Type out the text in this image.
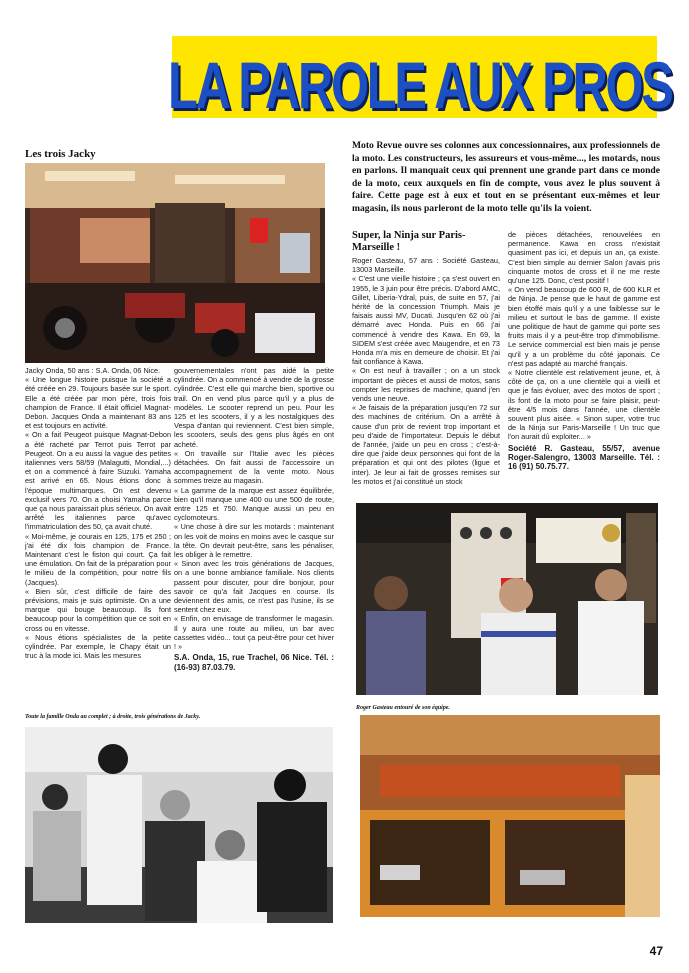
LA PAROLE AUX PROS
Les trois Jacky

Jacky Onda, 50 ans : S.A. Onda, 06 Nice.
« Une longue histoire puisque la société a été créée en 29. Toujours basée sur le sport. Elle a été créée par mon père, trois fois champion de France. Il était officiel Magnat-Debon. Jacques Onda a maintenant 83 ans et est toujours en activité.
« On a fait Peugeot puisque Magnat-Debon a été racheté par Terrot puis Terrot par Peugeot. On a eu aussi la vague des petites italiennes vers 58/59 (Malagutti, Mondial,...) et on a commencé à faire Suzuki. Yamaha est arrivé en 65. Nous étions donc à l'époque multimarques. On est devenu exclusif vers 70. On a choisi Yamaha parce que ça nous paraissait plus sérieux. On avait arrêté les italiennes parce qu'avec l'immatriculation des 50, ça avait chuté.
« Moi-même, je courais en 125, 175 et 250 ; j'ai été dix fois champion de France. Maintenant c'est le fiston qui court. Ça fait une émulation. On fait de la préparation pour le milieu de la compétition, pour notre fils (Jacques).
« Bien sûr, c'est difficile de faire des prévisions, mais je suis optimiste. On a une marque qui bouge beaucoup. Ils font beaucoup pour la compétition que ce soit en cross ou en vitesse.
« Nous étions spécialistes de la petite cylindrée. Par exemple, le Chapy était un truc à la mode ici. Mais les mesures

gouvernementales n'ont pas aidé la petite cylindrée. On a commencé à vendre de la grosse cylindrée. C'est elle qui marche bien, sportive ou trail. On en vend plus parce qu'il y a plus de modèles. Le scooter reprend un peu. Pour les 125 et les scooters, il y a les nostalgiques des Vespa d'antan qui reviennent. C'est bien simple, les scooters, seuls des gens plus âgés en ont acheté.
« On travaille sur l'Italie avec les pièces détachées. On fait aussi de l'accessoire un accompagnement de la vente moto. Nous sommes treize au magasin.
« La gamme de la marque est assez équilibrée, bien qu'il manque une 400 ou une 500 de route, entre 125 et 750. Manque aussi un peu en cyclomoteurs.
« Une chose à dire sur les motards : maintenant on les voit de moins en moins avec le casque sur la tête. On devrait peut-être, sans les pénaliser, les obliger à le remettre.
« Sinon avec les trois générations de Jacques, on a une bonne ambiance familiale. Nos clients passent pour discuter, pour dire bonjour, pour savoir ce qu'a fait Jacques en course. Ils deviennent des amis, ce n'est pas l'usine, ils se sentent chez eux.
« Enfin, on envisage de transformer le magasin. Il y aura une route au milieu, un bar avec cassettes vidéo... tout ça peut-être pour cet hiver ! »

S.A. Onda, 15, rue Trachel, 06 Nice. Tél. : (16-93) 87.03.79.

Toute la famille Onda au complet ; à droite, trois générations de Jacky.
Moto Revue ouvre ses colonnes aux concessionnaires, aux professionnels de la moto. Les constructeurs, les assureurs et vous-même..., les motards, nous en parlons. Il manquait ceux qui prennent une grande part dans ce monde de la moto, ceux auxquels en fin de compte, vous avez le plus souvent à faire. Cette page est à eux et tout en se présentant eux-mêmes et leur magasin, ils nous parleront de la moto telle qu'ils la voient.
Super, la Ninja sur Paris-Marseille !

Roger Gasteau, 57 ans : Société Gasteau, 13003 Marseille.
« C'est une vieille histoire ; ça s'est ouvert en 1955, le 3 juin pour être précis. D'abord AMC, Gillet, Liberia-Ydral, puis, de suite en 57, j'ai hérité de la concession Triumph. Mais je faisais aussi MV, Ducati. Jusqu'en 62 où j'ai démarré avec Honda. Puis en 66 j'ai commencé à vendre des Kawa. En 69, la SIDEM s'est créée avec Maugendre, et en 73 Honda m'a mis en demeure de choisir. Et j'ai fait confiance à Kawa.
« On est neuf à travailler ; on a un stock important de pièces et aussi de motos, sans compter les reprises de machine, quand j'en vends une neuve.
« Je faisais de la préparation jusqu'en 72 sur des machines de critérium. On a arrêté à cause d'un prix de revient trop important et peu d'aide de l'importateur. Depuis le début de l'année, j'aide un peu en cross ; c'est-à-dire que j'aide deux personnes qui font de la préparation et qui ont des pilotes (ligue et inter). Je leur ai fait de grosses remises sur les motos et j'ai constitué un stock

de pièces détachées, renouvelées en permanence. Kawa en cross n'existait quasiment pas ici, et depuis un an, ça existe. C'est bien simple au dernier Salon j'avais pris cinquante motos de cross et il ne me reste qu'une 125. Donc, c'est positif !
« On vend beaucoup de 600 R, de 600 KLR et de Ninja. Je pense que le haut de gamme est bien étoffé mais qu'il y a une faiblesse sur le milieu et surtout le bas de gamme. Il existe une politique de haut de gamme qui porte ses fruits mais il y a peut-être trop d'immobilisme. Le service commercial est bien mais je pense qu'il y a un problème du côté japonais. Ce n'est pas adapté au marché français.
« Notre clientèle est relativement jeune, et, à côté de ça, on a une clientèle qui a vieilli et que je fais évoluer, avec des motos de sport ; ils font de la moto pour se faire plaisir, peut-être 4/5 mois dans l'année, une clientèle souvent plus aisée. « Sinon super, votre truc de la Ninja sur Paris-Marseille ! Un truc que l'on aurait dû exploiter... »

Société R. Gasteau, 55/57, avenue Roger-Salengro, 13003 Marseille. Tél. : 16 (91) 50.75.77.

Roger Gasteau entouré de son équipe.
47
